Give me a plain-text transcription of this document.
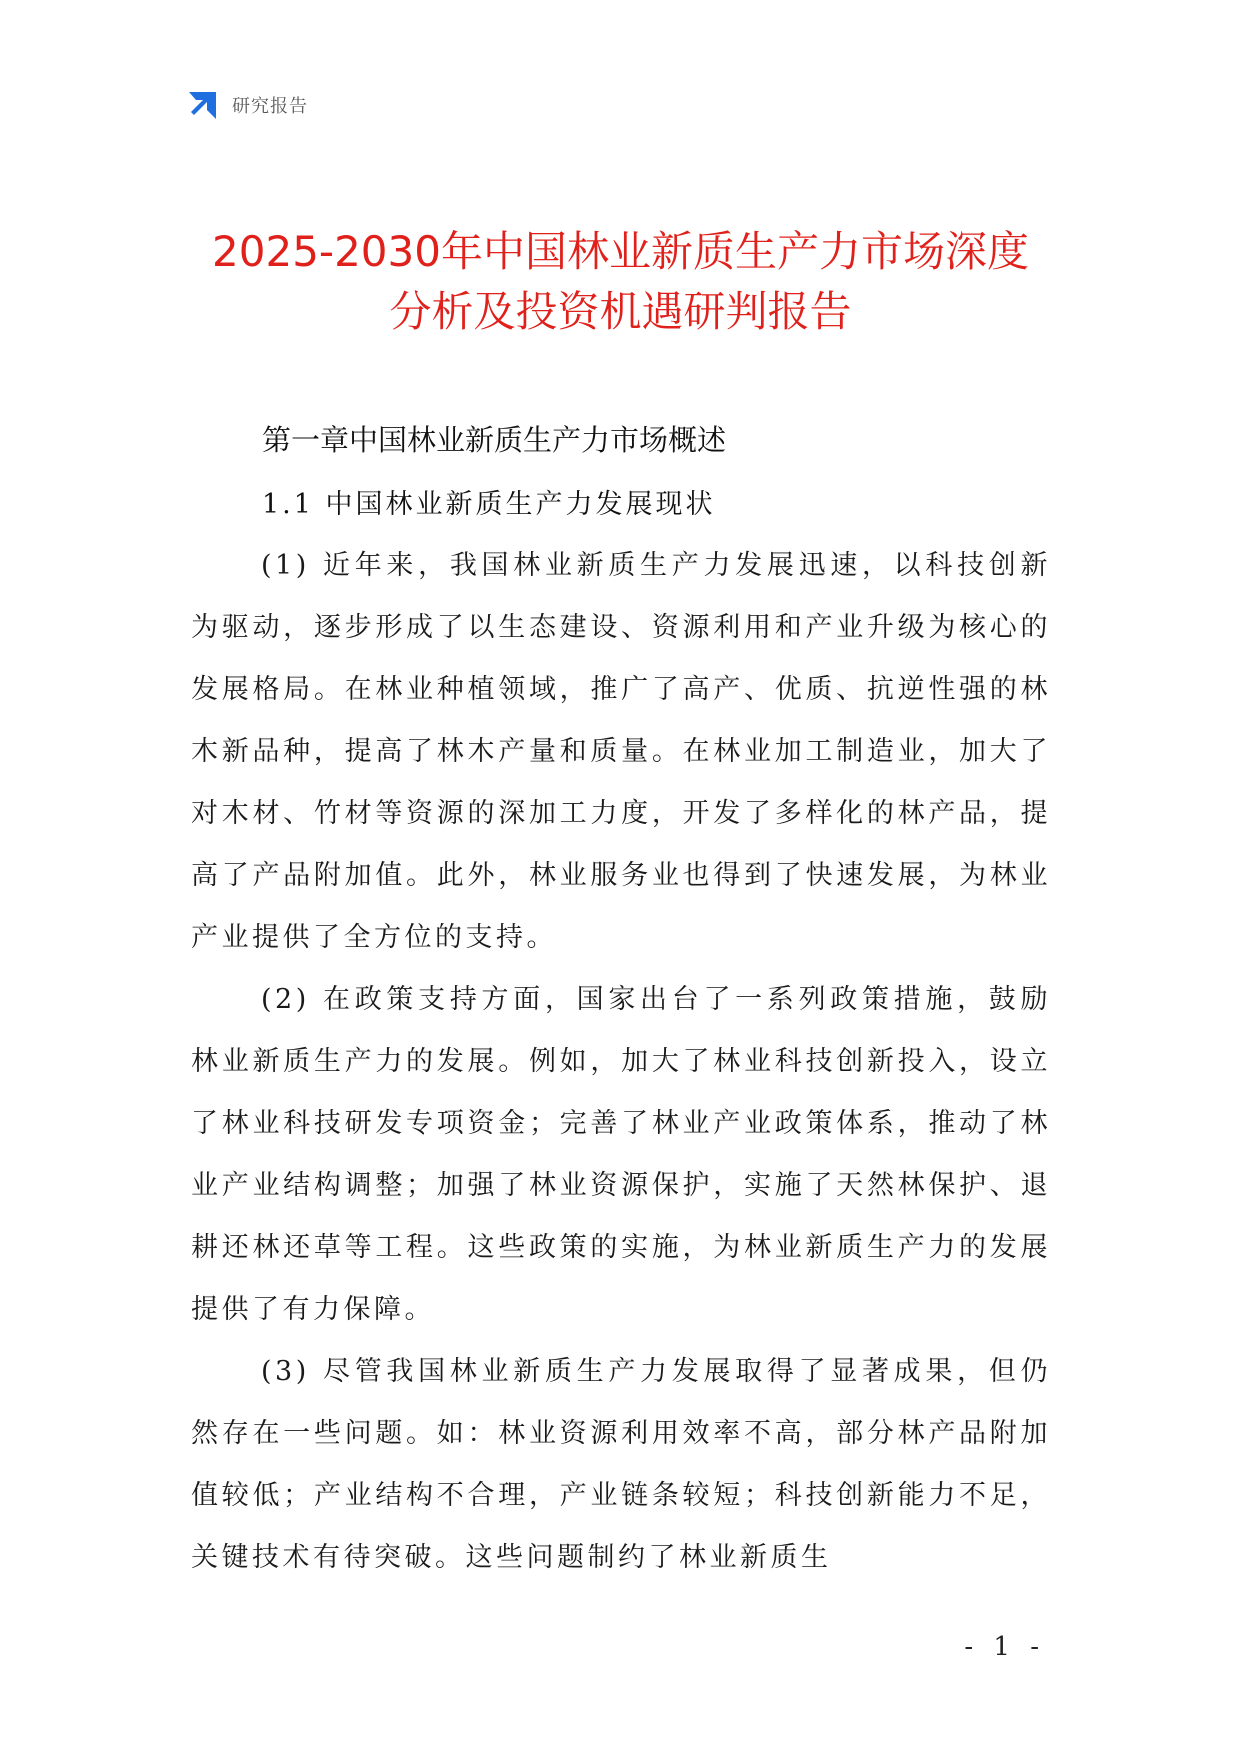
研究报告
2025-2030年中国林业新质生产力市场深度
分析及投资机遇研判报告
第一章中国林业新质生产力市场概述
1.1 中国林业新质生产力发展现状

(1) 近年来，我国林业新质生产力发展迅速，以科技创新为驱动，逐步形成了以生态建设、资源利用和产业升级为核心的发展格局。在林业种植领域，推广了高产、优质、抗逆性强的林木新品种，提高了林木产量和质量。在林业加工制造业，加大了对木材、竹材等资源的深加工力度，开发了多样化的林产品，提高了产品附加值。此外，林业服务业也得到了快速发展，为林业产业提供了全方位的支持。

(2) 在政策支持方面，国家出台了一系列政策措施，鼓励林业新质生产力的发展。例如，加大了林业科技创新投入，设立了林业科技研发专项资金；完善了林业产业政策体系，推动了林业产业结构调整；加强了林业资源保护，实施了天然林保护、退耕还林还草等工程。这些政策的实施，为林业新质生产力的发展提供了有力保障。

(3) 尽管我国林业新质生产力发展取得了显著成果，但仍然存在一些问题。如：林业资源利用效率不高，部分林产品附加值较低；产业结构不合理，产业链条较短；科技创新能力不足，关键技术有待突破。这些问题制约了林业新质生

- 1 -
